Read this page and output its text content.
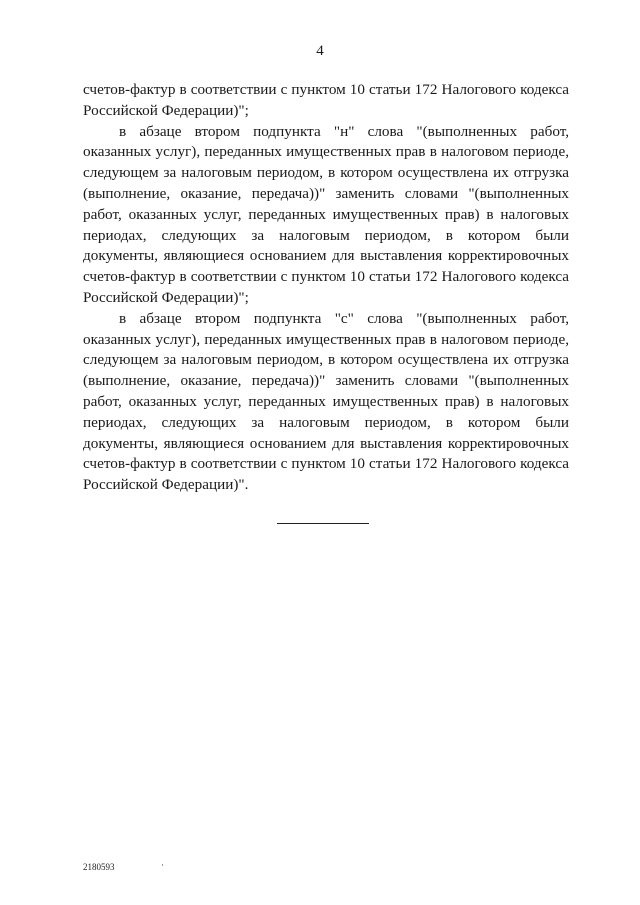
4
счетов-фактур в соответствии с пунктом 10 статьи 172 Налогового кодекса
Российской Федерации)";
в абзаце втором подпункта "н" слова "(выполненных работ,
оказанных услуг), переданных имущественных прав в налоговом периоде,
следующем за налоговым периодом, в котором осуществлена их отгрузка
(выполнение, оказание, передача))" заменить словами "(выполненных
работ, оказанных услуг, переданных имущественных прав) в налоговых
периодах, следующих за налоговым периодом, в котором были
документы, являющиеся основанием для выставления корректировочных
счетов-фактур в соответствии с пунктом 10 статьи 172 Налогового кодекса
Российской Федерации)";
в абзаце втором подпункта "с" слова "(выполненных работ,
оказанных услуг), переданных имущественных прав в налоговом периоде,
следующем за налоговым периодом, в котором осуществлена их отгрузка
(выполнение, оказание, передача))" заменить словами "(выполненных
работ, оказанных услуг, переданных имущественных прав) в налоговых
периодах, следующих за налоговым периодом, в котором были
документы, являющиеся основанием для выставления корректировочных
счетов-фактур в соответствии с пунктом 10 статьи 172 Налогового кодекса
Российской Федерации)".
2180593
